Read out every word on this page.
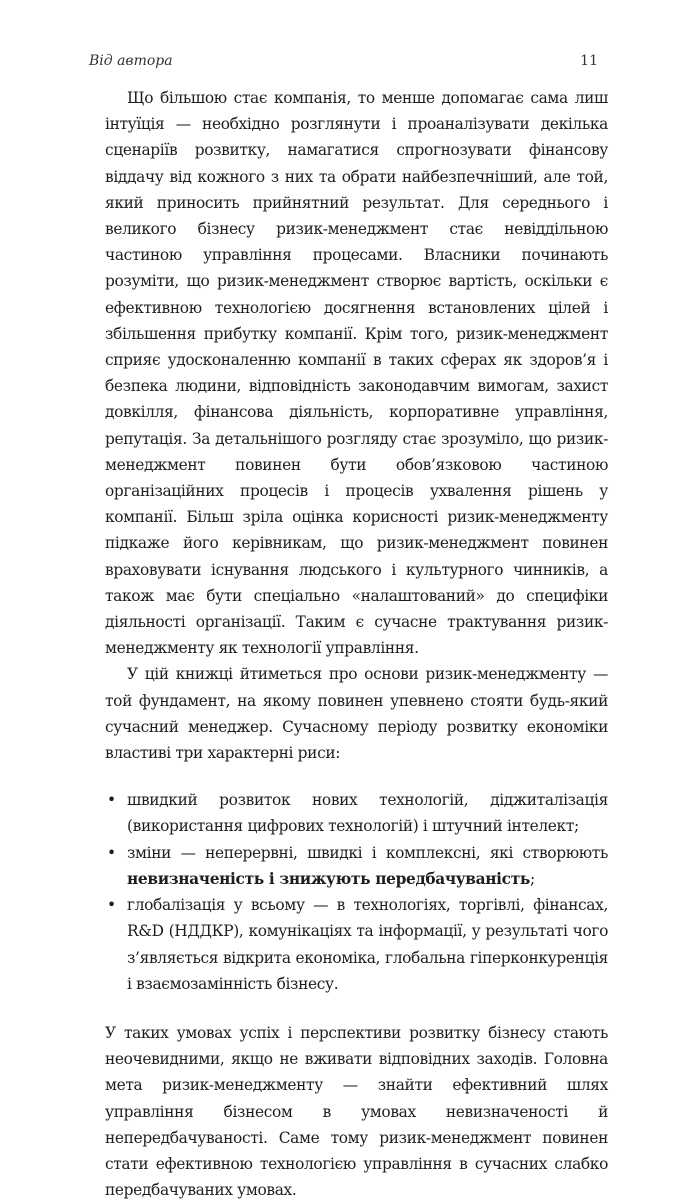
Від автора	11

Що більшою стає компанія, то менше допомагає сама лиш інтуїція — необхідно розглянути і проаналізувати декілька сценаріїв розвитку, намагатися спрогнозувати фінансову віддачу від кожного з них та обрати найбезпечніший, але той, який приносить прийнятний результат. Для середнього і великого бізнесу ризик-менеджмент стає невіддільною частиною управління процесами. Власники починають розуміти, що ризик-менеджмент створює вартість, оскільки є ефективною технологією досягнення встановлених цілей і збільшення прибутку компанії. Крім того, ризик-менеджмент сприяє удосконаленню компанії в таких сферах як здоров’я і безпека людини, відповідність законодавчим вимогам, захист довкілля, фінансова діяльність, корпоративне управління, репутація. За детальнішого розгляду стає зрозуміло, що ризик-менеджмент повинен бути обов’язковою частиною організаційних процесів і процесів ухвалення рішень у компанії. Більш зріла оцінка корисності ризик-менеджменту підкаже його керівникам, що ризик-менеджмент повинен враховувати існування людського і культурного чинників, а також має бути спеціально «налаштований» до специфіки діяльності організації. Таким є сучасне трактування ризик-менеджменту як технології управління.

У цій книжці йтиметься про основи ризик-менеджменту — той фундамент, на якому повинен упевнено стояти будь-який сучасний менеджер. Сучасному періоду розвитку економіки властиві три характерні риси:

• швидкий розвиток нових технологій, діджиталізація (використання цифрових технологій) і штучний інтелект;
• зміни — неперервні, швидкі і комплексні, які створюють невизначеність і знижують передбачуваність;
• глобалізація у всьому — в технологіях, торгівлі, фінансах, R&D (НДДКР), комунікаціях та інформації, у результаті чого з’являється відкрита економіка, глобальна гіперконкуренція і взаємозамінність бізнесу.

У таких умовах успіх і перспективи розвитку бізнесу стають неочевидними, якщо не вживати відповідних заходів. Головна мета ризик-менеджменту — знайти ефективний шлях управління бізнесом в умовах невизначеності й непередбачуваності. Саме тому ризик-менеджмент повинен стати ефективною технологією управління в сучасних слабко передбачуваних умовах.
